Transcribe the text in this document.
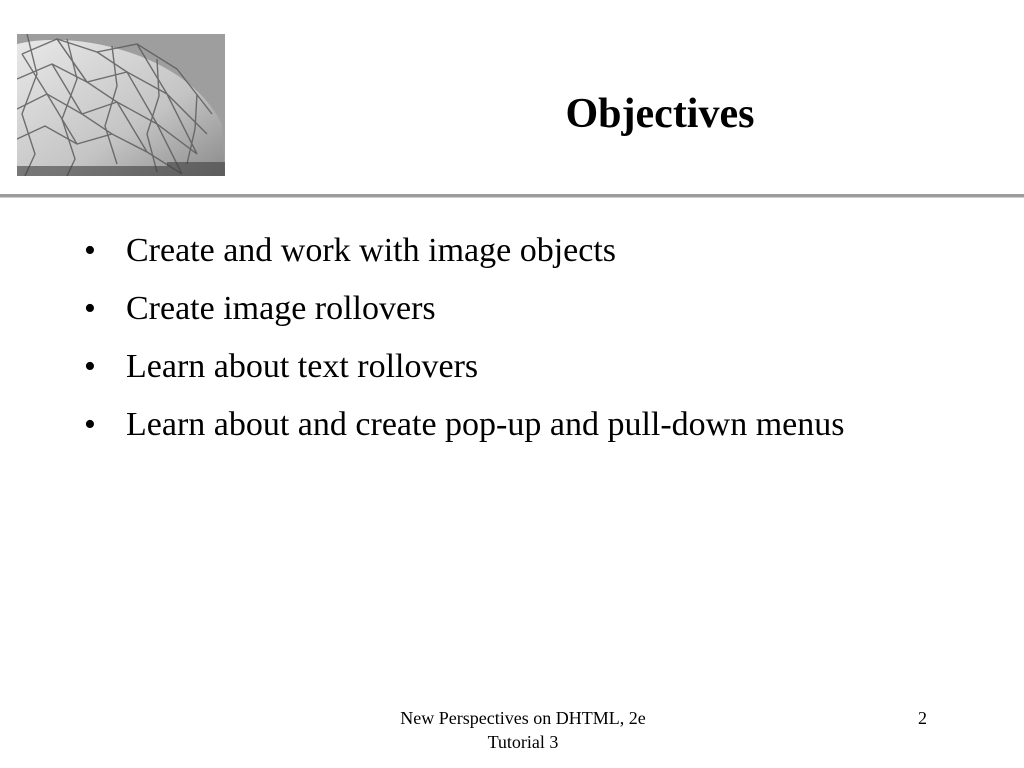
Objectives
• Create and work with image objects
• Create image rollovers
• Learn about text rollovers
• Learn about and create pop-up and pull-down menus
New Perspectives on DHTML, 2e
Tutorial 3
2
